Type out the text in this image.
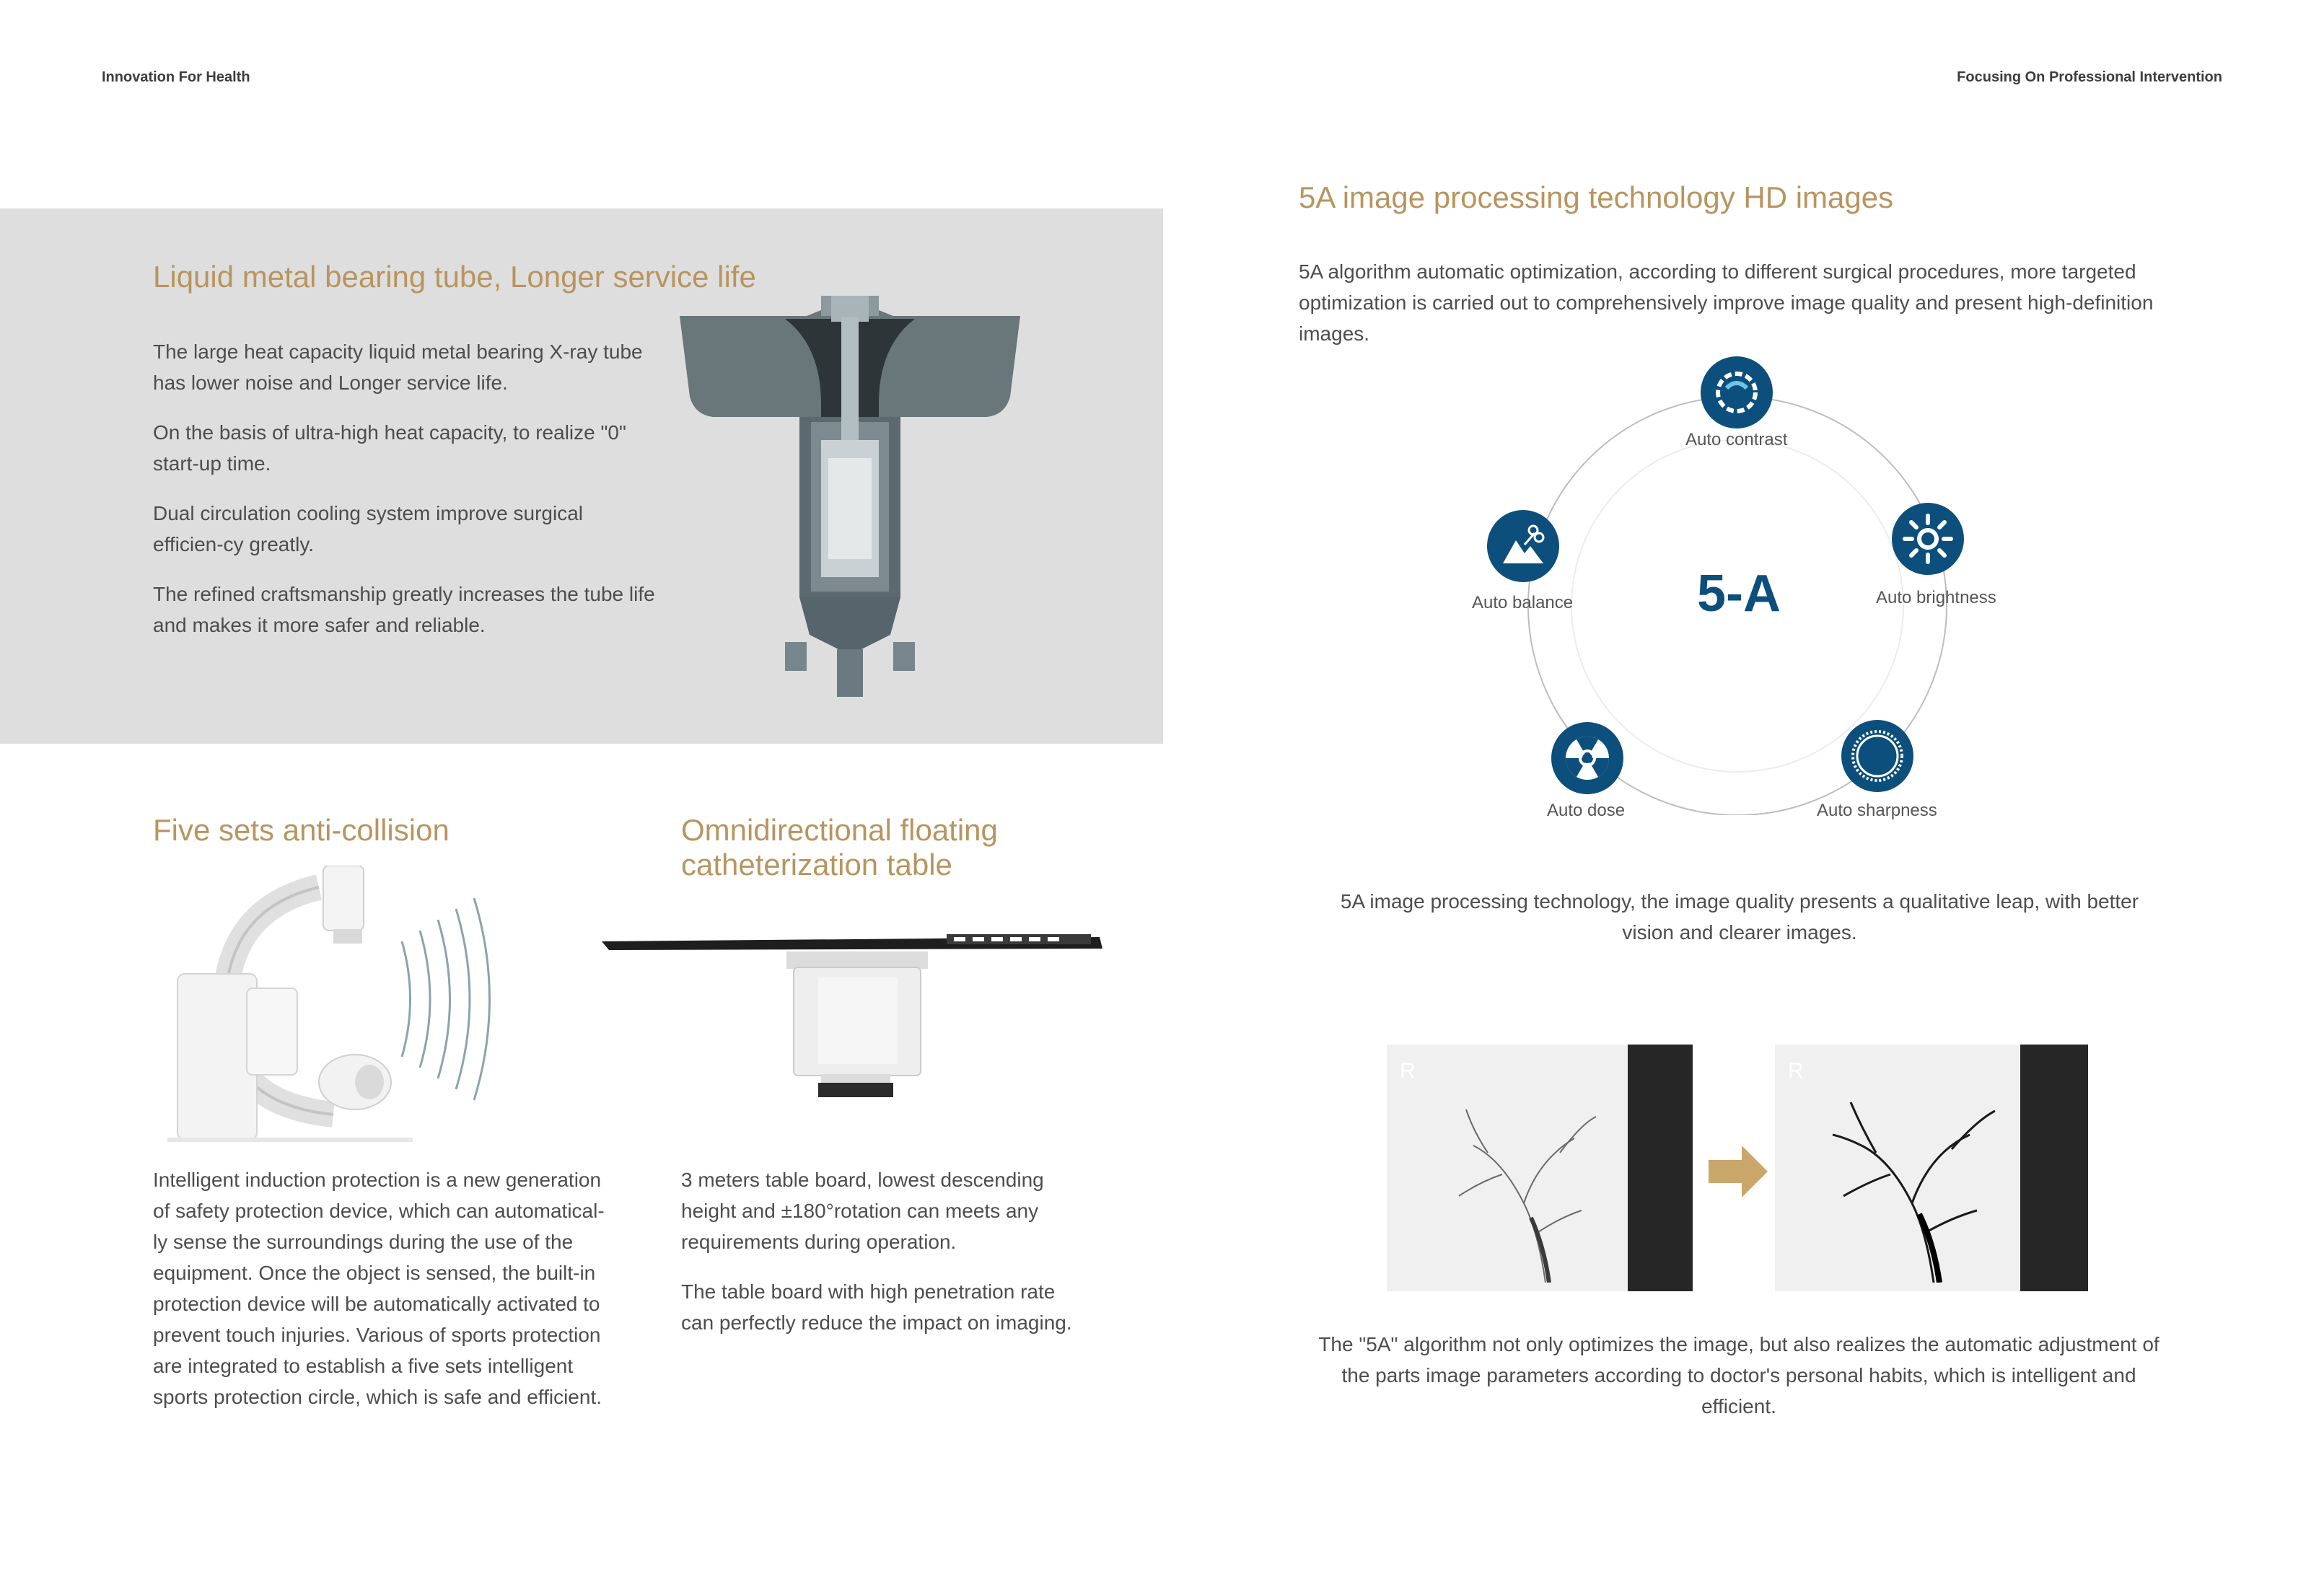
Innovation For Health	Focusing On Professional Intervention
Liquid metal bearing tube, Longer service life

The large heat capacity liquid metal bearing X-ray tube has lower noise and Longer service life.

On the basis of ultra-high heat capacity, to realize "0" start-up time.

Dual circulation cooling system improve surgical efficien-cy greatly.

The refined craftsmanship greatly increases the tube life and makes it more safer and reliable.

Five sets anti-collision
Intelligent induction protection is a new generation of safety protection device, which can automatical-ly sense the surroundings during the use of the equipment. Once the object is sensed, the built-in protection device will be automatically activated to prevent touch injuries. Various of sports protection are integrated to establish a five sets intelligent sports protection circle, which is safe and efficient.
Omnidirectional floating
catheterization table

3 meters table board, lowest descending height and ±180°rotation can meets any requirements during operation.

The table board with high penetration rate can perfectly reduce the impact on imaging.

5A image processing technology HD images
5A algorithm automatic optimization, according to different surgical procedures, more targeted optimization is carried out to comprehensively improve image quality and present high-definition images.
5-A
Auto contrast
Auto brightness
Auto sharpness
Auto dose
Auto balance
5A image processing technology, the image quality presents a qualitative leap, with better vision and clearer images.
R	R
The "5A" algorithm not only optimizes the image, but also realizes the automatic adjustment of the parts image parameters according to doctor's personal habits, which is intelligent and efficient.
